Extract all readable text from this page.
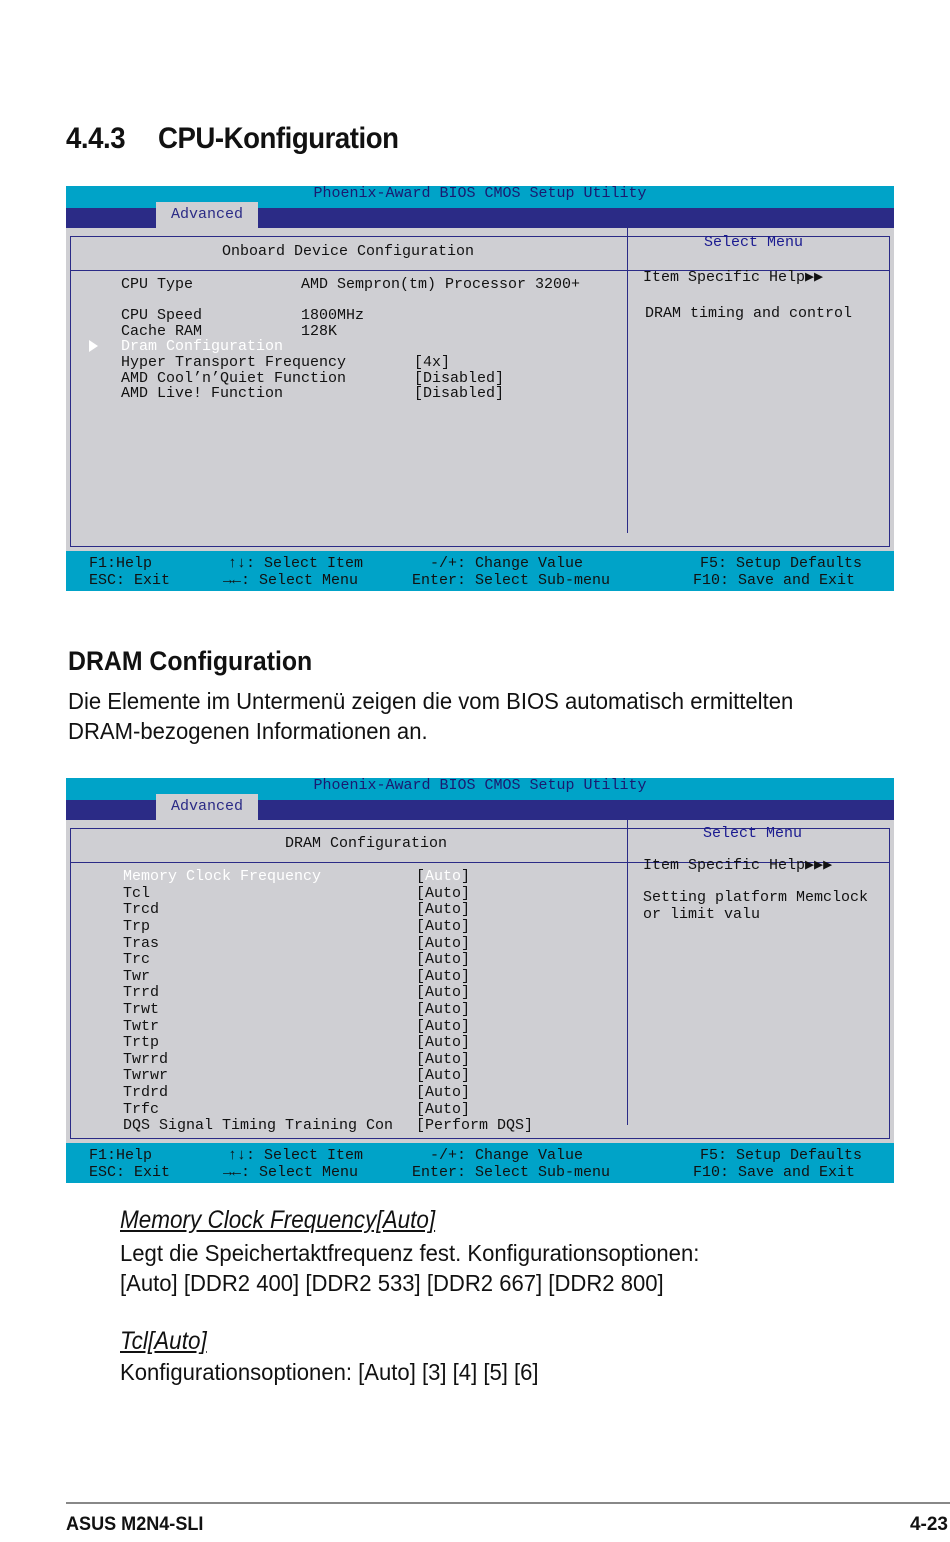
4.4.3 CPU-Konfiguration
Phoenix-Award BIOS CMOS Setup Utility
Advanced
Onboard Device Configuration
Select Menu
Item Specific Help▶▶
DRAM timing and control
CPU Type	AMD Sempron(tm) Processor 3200+
CPU Speed	1800MHz
Cache RAM	128K
Dram Configuration
Hyper Transport Frequency	[4x]
AMD Cool’n’Quiet Function	[Disabled]
AMD Live! Function	[Disabled]
F1:Help
ESC: Exit
↑↓: Select Item
→←: Select Menu
-/+: Change Value
Enter: Select Sub-menu
F5: Setup Defaults
F10: Save and Exit
DRAM Configuration
Die Elemente im Untermenü zeigen die vom BIOS automatisch ermittelten DRAM-bezogenen Informationen an.
Phoenix-Award BIOS CMOS Setup Utility
Advanced
DRAM Configuration
Select Menu
Item Specific Help▶▶▶
Setting platform Memclock
or limit valu
Memory Clock Frequency	[Auto]
Tcl	[Auto]
Trcd	[Auto]
Trp	[Auto]
Tras	[Auto]
Trc	[Auto]
Twr	[Auto]
Trrd	[Auto]
Trwt	[Auto]
Twtr	[Auto]
Trtp	[Auto]
Twrrd	[Auto]
Twrwr	[Auto]
Trdrd	[Auto]
Trfc	[Auto]
DQS Signal Timing Training Con [Perform DQS]
F1:Help
ESC: Exit
↑↓: Select Item
→←: Select Menu
-/+: Change Value
Enter: Select Sub-menu
F5: Setup Defaults
F10: Save and Exit
Memory Clock Frequency[Auto]
Legt die Speichertaktfrequenz fest. Konfigurationsoptionen:
[Auto] [DDR2 400] [DDR2 533] [DDR2 667] [DDR2 800]
Tcl[Auto]
Konfigurationsoptionen: [Auto] [3] [4] [5] [6]
ASUS M2N4-SLI	4-23
